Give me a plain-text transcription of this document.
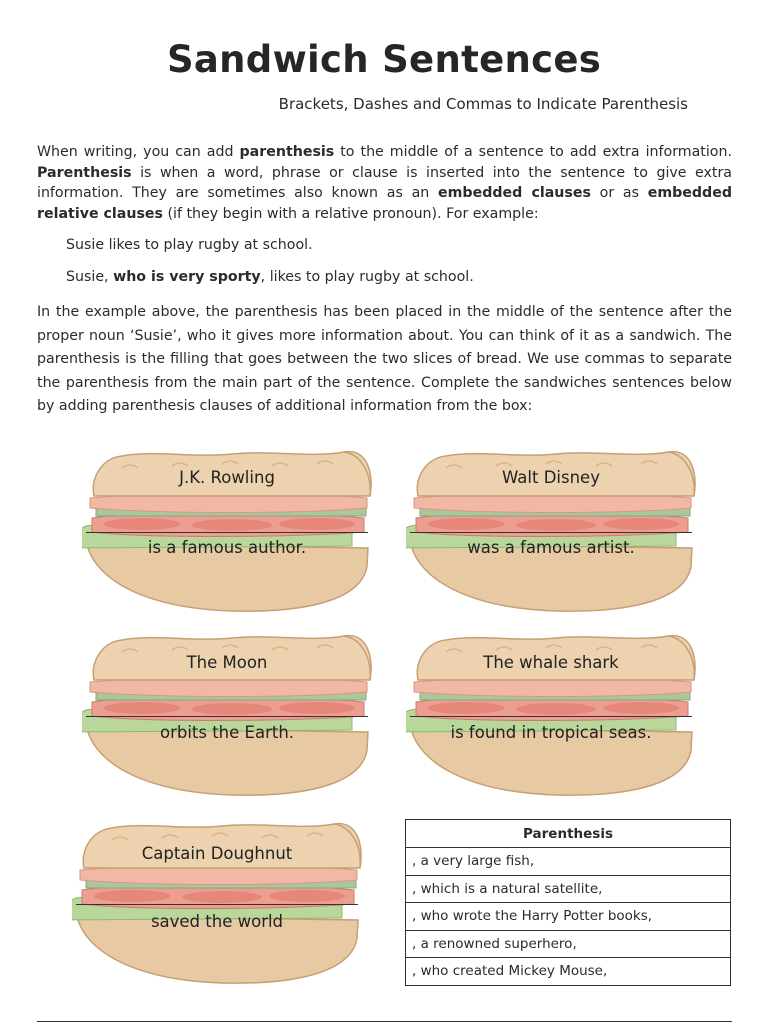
Sandwich Sentences
Brackets, Dashes and Commas to Indicate Parenthesis

When writing, you can add parenthesis to the middle of a sentence to add extra information. Parenthesis is when a word, phrase or clause is inserted into the sentence to give extra information. They are sometimes also known as an embedded clauses or as embedded relative clauses (if they begin with a relative pronoun). For example:

Susie likes to play rugby at school.
Susie, who is very sporty, likes to play rugby at school.

In the example above, the parenthesis has been placed in the middle of the sentence after the proper noun ‘Susie’, who it gives more information about. You can think of it as a sandwich. The parenthesis is the filling that goes between the two slices of bread. We use commas to separate the parenthesis from the main part of the sentence. Complete the sandwiches sentences below by adding parenthesis clauses of additional information from the box:

J.K. Rowling
is a famous author.
Walt Disney
was a famous artist.
The Moon
orbits the Earth.
The whale shark
is found in tropical seas.
Captain Doughnut
saved the world
Parenthesis
, a very large fish,
, which is a natural satellite,
, who wrote the Harry Potter books,
, a renowned superhero,
, who created Mickey Mouse,
